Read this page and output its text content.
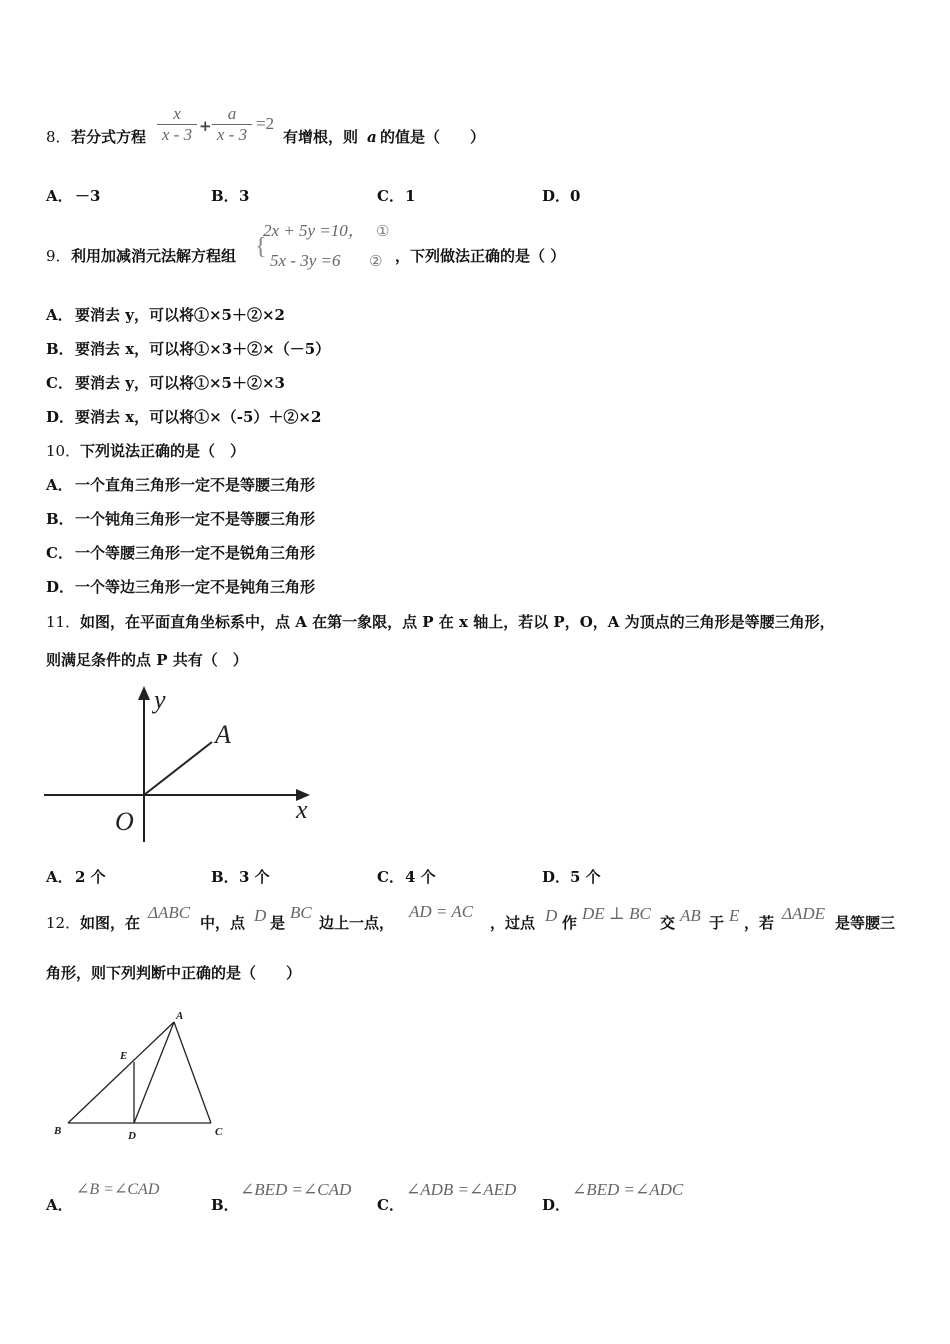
8． 若分式方程
x
x - 3 +
a
x - 3
=2
有增根，则 a 的值是（　　）
A． －3	B． 3	C． 1	D． 0
9． 利用加减消元法解方程组 {
2x + 5y =10， ①
5x - 3y =6 ② ，下列做法正确的是（ ）
A． 要消去 y，可以将①×5＋②×2
B． 要消去 x，可以将①×3＋②×（－5）
C． 要消去 y，可以将①×5＋②×3
D． 要消去 x，可以将①×（-5）＋②×2
10． 下列说法正确的是（　）
A． 一个直角三角形一定不是等腰三角形
B． 一个钝角三角形一定不是等腰三角形
C． 一个等腰三角形一定不是锐角三角形
D． 一个等边三角形一定不是钝角三角形
11． 如图，在平面直角坐标系中，点 A 在第一象限，点 P 在 x 轴上，若以 P，O，A 为顶点的三角形是等腰三角形，
则满足条件的点 P 共有（　）
y
x
O
A
A． 2 个	B． 3 个	C． 4 个	D． 5 个
12． 如图，在
ΔABC
中，点 D 是
BC
边上一点，
AD = AC
，过点 D 作 DE ⊥ BC 交 AB 于 E ，若 ΔADE 是等腰三
角形，则下列判断中正确的是（　　）
A
B	C
D
E
A．
∠B =∠CAD
B．
∠BED =∠CAD
C．
∠ADB =∠AED
D．
∠BED =∠ADC
